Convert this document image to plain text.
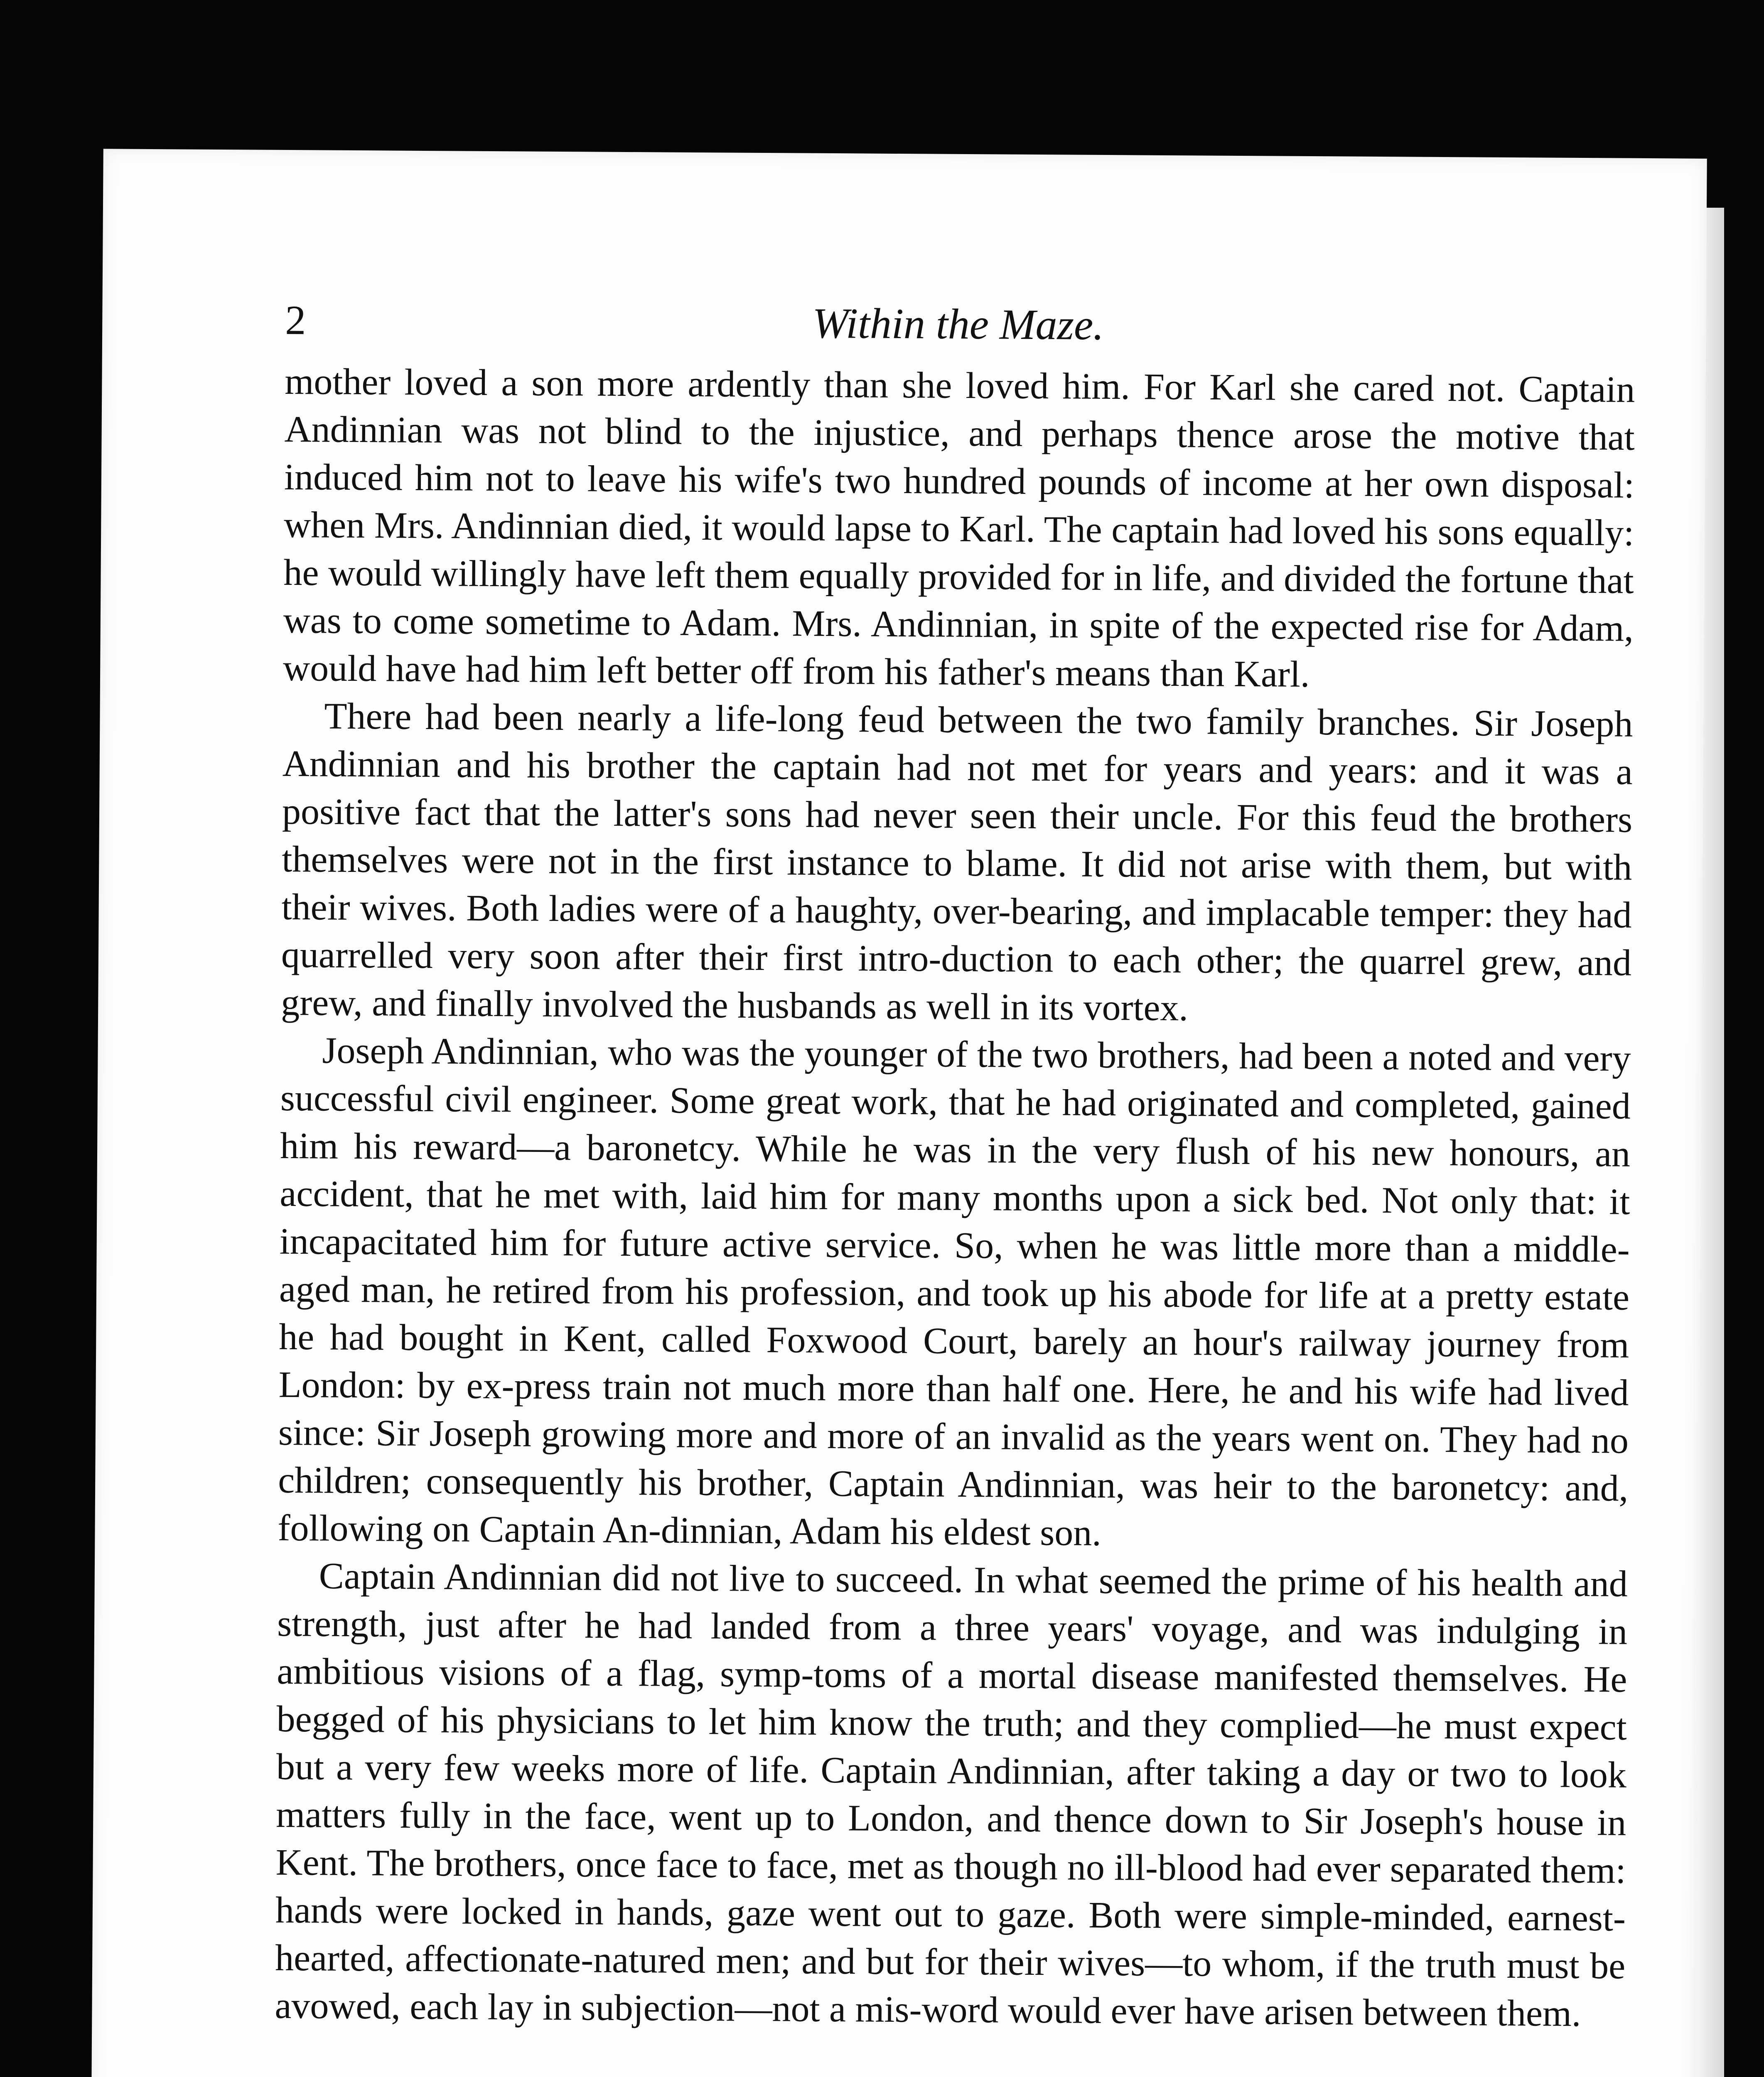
2	Within the Maze.

mother loved a son more ardently than she loved him. For Karl she cared not. Captain Andinnian was not blind to the injustice, and perhaps thence arose the motive that induced him not to leave his wife's two hundred pounds of income at her own disposal: when Mrs. Andinnian died, it would lapse to Karl. The captain had loved his sons equally: he would willingly have left them equally provided for in life, and divided the fortune that was to come sometime to Adam. Mrs. Andinnian, in spite of the expected rise for Adam, would have had him left better off from his father's means than Karl.

There had been nearly a life-long feud between the two family branches. Sir Joseph Andinnian and his brother the captain had not met for years and years: and it was a positive fact that the latter's sons had never seen their uncle. For this feud the brothers themselves were not in the first instance to blame. It did not arise with them, but with their wives. Both ladies were of a haughty, over-bearing, and implacable temper: they had quarrelled very soon after their first intro-duction to each other; the quarrel grew, and grew, and finally involved the husbands as well in its vortex.

Joseph Andinnian, who was the younger of the two brothers, had been a noted and very successful civil engineer. Some great work, that he had originated and completed, gained him his reward—a baronetcy. While he was in the very flush of his new honours, an accident, that he met with, laid him for many months upon a sick bed. Not only that: it incapacitated him for future active service. So, when he was little more than a middle-aged man, he retired from his profession, and took up his abode for life at a pretty estate he had bought in Kent, called Foxwood Court, barely an hour's railway journey from London: by ex-press train not much more than half one. Here, he and his wife had lived since: Sir Joseph growing more and more of an invalid as the years went on. They had no children; consequently his brother, Captain Andinnian, was heir to the baronetcy: and, following on Captain An-dinnian, Adam his eldest son.

Captain Andinnian did not live to succeed. In what seemed the prime of his health and strength, just after he had landed from a three years' voyage, and was indulging in ambitious visions of a flag, symp-toms of a mortal disease manifested themselves. He begged of his physicians to let him know the truth; and they complied—he must expect but a very few weeks more of life. Captain Andinnian, after taking a day or two to look matters fully in the face, went up to London, and thence down to Sir Joseph's house in Kent. The brothers, once face to face, met as though no ill-blood had ever separated them: hands were locked in hands, gaze went out to gaze. Both were simple-minded, earnest-hearted, affectionate-natured men; and but for their wives—to whom, if the truth must be avowed, each lay in subjection—not a mis-word would ever have arisen between them.
